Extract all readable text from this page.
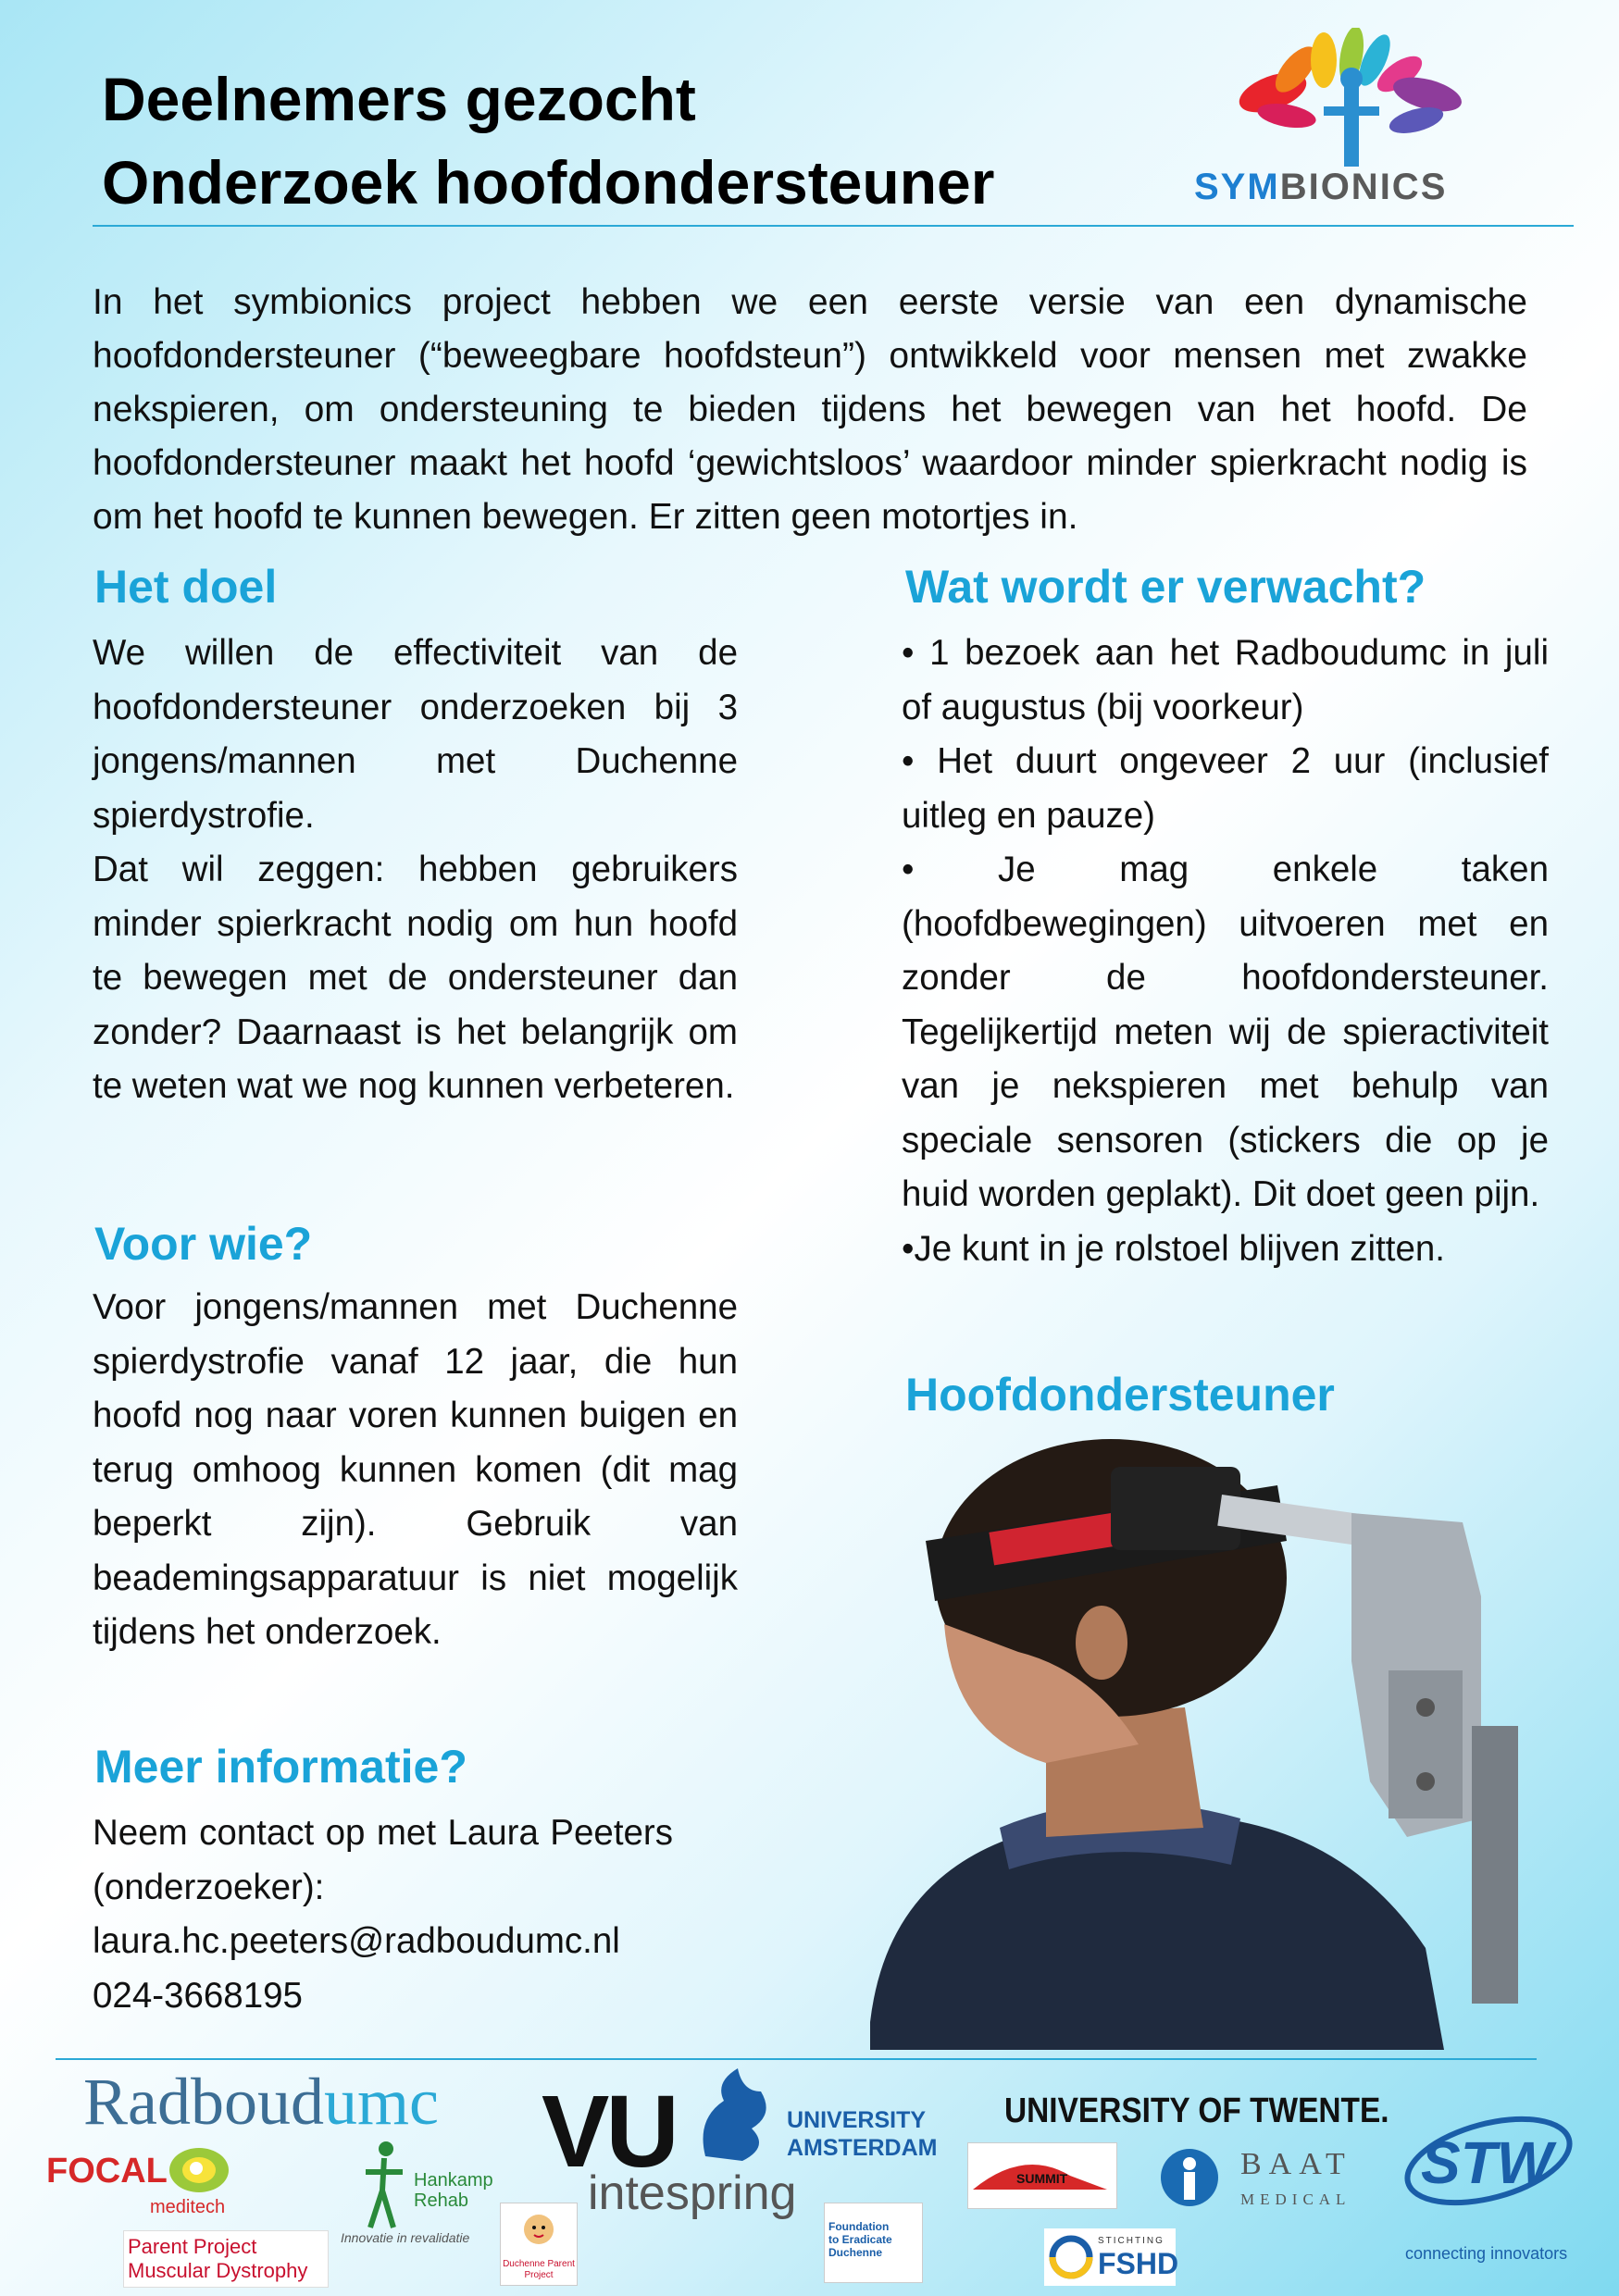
Deelnemers gezocht
Onderzoek hoofdondersteuner	SYMBIONICS
In het symbionics project hebben we een eerste versie van een dynamische hoofdondersteuner (“beweegbare hoofdsteun”) ontwikkeld voor mensen met zwakke nekspieren, om ondersteuning te bieden tijdens het bewegen van het hoofd. De hoofdondersteuner maakt het hoofd ‘gewichtsloos’ waardoor minder spierkracht nodig is om het hoofd te kunnen bewegen. Er zitten geen motortjes in.
Het doel

We willen de effectiviteit van de hoofdondersteuner onderzoeken bij 3 jongens/mannen met Duchenne spierdystrofie.

Dat wil zeggen: hebben gebruikers minder spierkracht nodig om hun hoofd te bewegen met de ondersteuner dan zonder? Daarnaast is het belangrijk om te weten wat we nog kunnen verbeteren.

Voor wie?

Voor jongens/mannen met Duchenne spierdystrofie vanaf 12 jaar, die hun hoofd nog naar voren kunnen buigen en terug omhoog kunnen komen (dit mag beperkt zijn). Gebruik van beademingsapparatuur is niet mogelijk tijdens het onderzoek.

Meer informatie?

Neem contact op met Laura Peeters (onderzoeker):

laura.hc.peeters@radboudumc.nl

024-3668195

Wat wordt er verwacht?

• 1 bezoek aan het Radboudumc in juli of augustus (bij voorkeur)

• Het duurt ongeveer 2 uur (inclusief uitleg en pauze)

• Je mag enkele taken (hoofdbewegingen) uitvoeren met en zonder de hoofdondersteuner. Tegelijkertijd meten wij de spieractiviteit van je nekspieren met behulp van speciale sensoren (stickers die op je huid worden geplakt). Dit doet geen pijn.

•Je kunt in je rolstoel blijven zitten.

Hoofdondersteuner
Radboudumc VU	UNIVERSITY
AMSTERDAM
UNIVERSITY OF TWENTE.
FOCAL
meditech
Hankamp
Rehab
Innovatie in revalidatie
intespring	SUMMIT	BAAT
MEDICAL
STW
connecting innovators
Parent Project
Muscular Dystrophy	Duchenne Parent Project
Foundation
to Eradicate
Duchenne
STICHTING
FSHD
